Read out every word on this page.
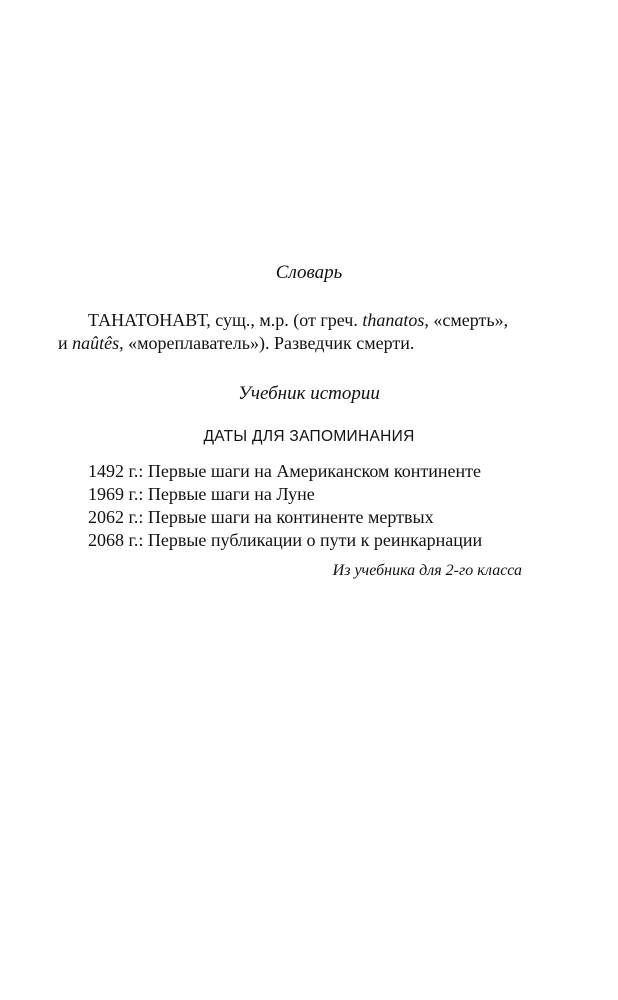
Словарь

ТАНАТОНАВТ, сущ., м.р. (от греч. thanatos, «смерть»,

и naûtês, «мореплаватель»). Разведчик смерти.

Учебник истории

ДАТЫ ДЛЯ ЗАПОМИНАНИЯ

1492 г.: Первые шаги на Американском континенте
1969 г.: Первые шаги на Луне
2062 г.: Первые шаги на континенте мертвых
2068 г.: Первые публикации о пути к реинкарнации

Из учебника для 2-го класса
